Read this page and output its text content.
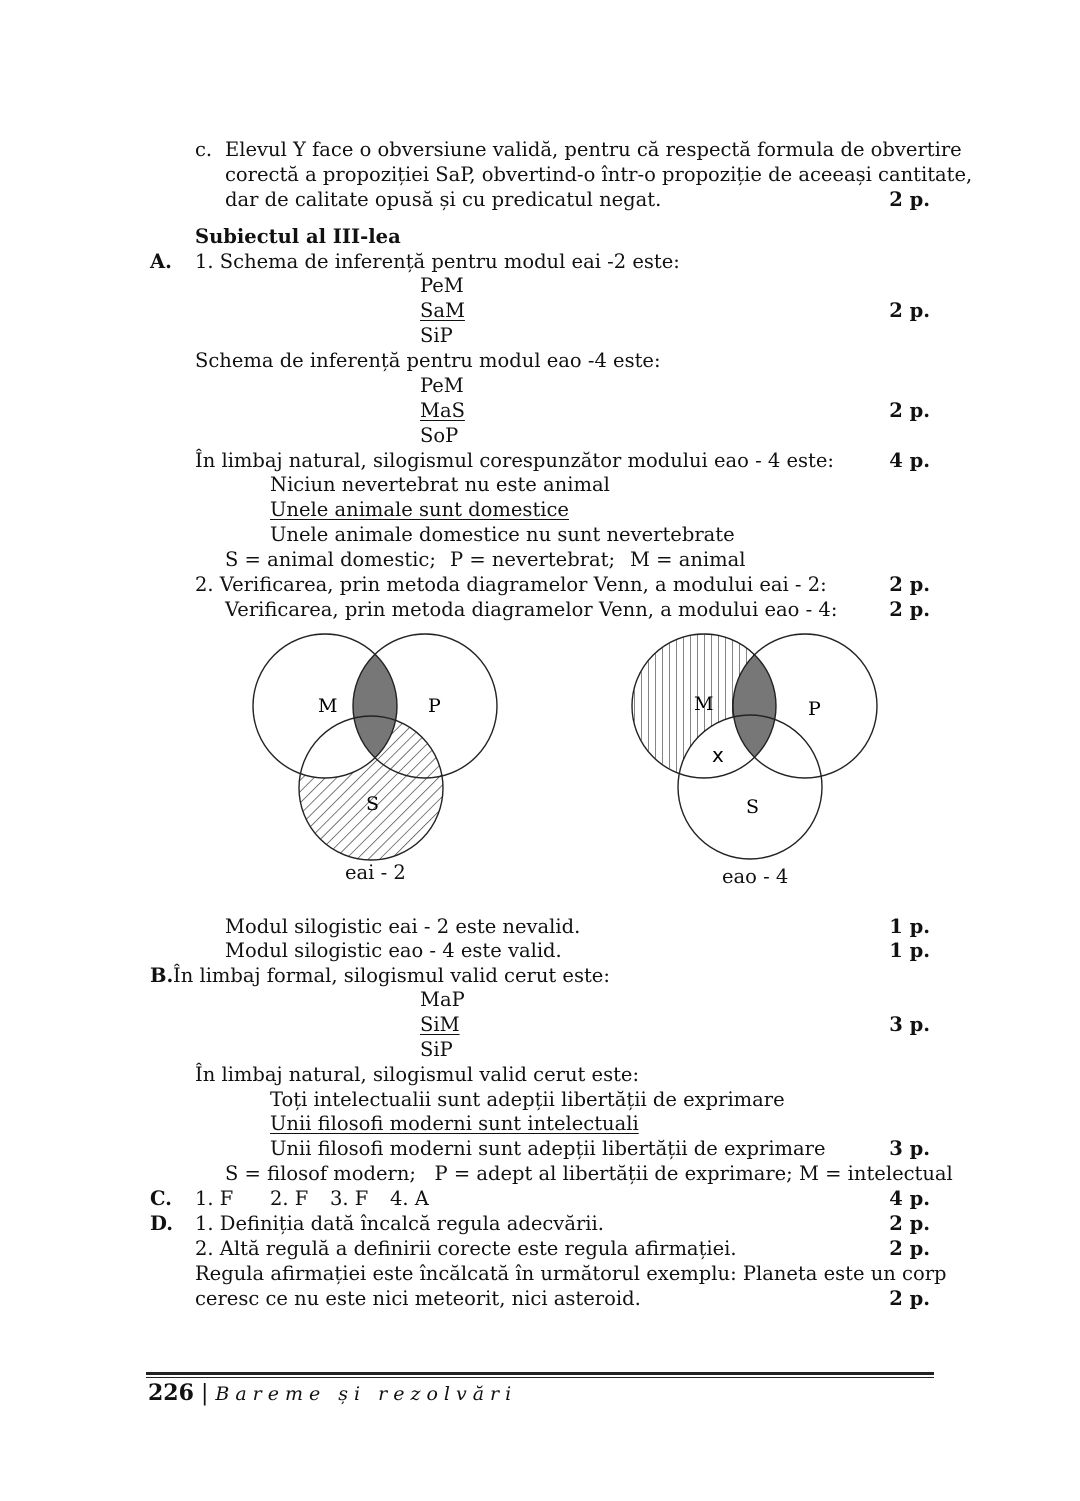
c. Elevul Y face o obversiune validă, pentru că respectă formula de obvertire
corectă a propoziției SaP, obvertind-o într-o propoziție de aceeași cantitate,
dar de calitate opusă și cu predicatul negat.	2 p.
Subiectul al III-lea
A. 1. Schema de inferență pentru modul eai -2 este:
PeM
SaM	2 p.
SiP
Schema de inferență pentru modul eao -4 este:
PeM
MaS	2 p.
SoP
În limbaj natural, silogismul corespunzător modului eao - 4 este:	4 p.
Niciun nevertebrat nu este animal
Unele animale sunt domestice
Unele animale domestice nu sunt nevertebrate
S = animal domestic; P = nevertebrat; M = animal
2. Verificarea, prin metoda diagramelor Venn, a modului eai - 2:	2 p.
Verificarea, prin metoda diagramelor Venn, a modului eao - 4:	2 p.
M	P
S
eai - 2
M	P
S
x
eao - 4
Modul silogistic eai - 2 este nevalid.	1 p.
Modul silogistic eao - 4 este valid.	1 p.
B. În limbaj formal, silogismul valid cerut este:
MaP
SiM	3 p.
SiP
În limbaj natural, silogismul valid cerut este:
Toți intelectualii sunt adepții libertății de exprimare
Unii filosofi moderni sunt intelectuali
Unii filosofi moderni sunt adepții libertății de exprimare	3 p.
S = filosof modern;   P = adept al libertății de exprimare; M = intelectual
C. 1. F 2. F 3. F 4. A	4 p.
D. 1. Definiția dată încalcă regula adecvării.	2 p.
2. Altă regulă a definirii corecte este regula afirmației.	2 p.
Regula afirmației este încălcată în următorul exemplu: Planeta este un corp
ceresc ce nu este nici meteorit, nici asteroid.	2 p.
226 | Bareme și rezolvări
